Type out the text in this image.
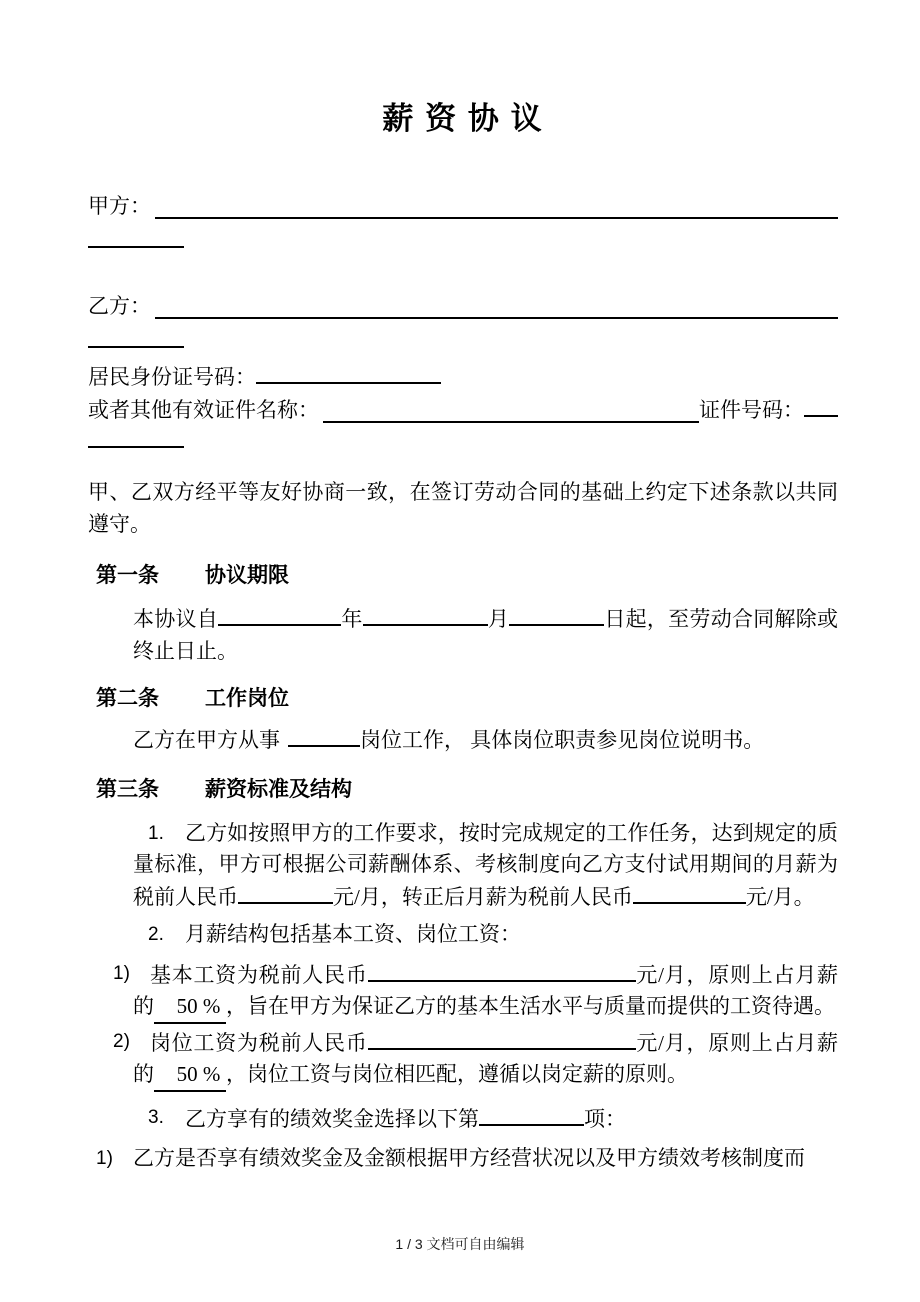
薪 资 协 议
甲方：
乙方：
居民身份证号码：
或者其他有效证件名称：	证件号码：
甲、乙双方经平等友好协商一致，在签订劳动合同的基础上约定下述条款以共同遵守。
第一条 协议期限
本协议自	年	月	日起，至劳动合同解除或终止日止。
第二条 工作岗位
乙方在甲方从事	岗位工作， 具体岗位职责参见岗位说明书。
第三条 薪资标准及结构
1. 乙方如按照甲方的工作要求，按时完成规定的工作任务，达到规定的质量标准，甲方可根据公司薪酬体系、考核制度向乙方支付试用期间的月薪为税前人民币	元/月，转正后月薪为税前人民币	元/月。
2. 月薪结构包括基本工资、岗位工资：
1) 基本工资为税前人民币	元/月，原则上占月薪的 50 % ，旨在甲方为保证乙方的基本生活水平与质量而提供的工资待遇。
2) 岗位工资为税前人民币	元/月，原则上占月薪的 50 % ，岗位工资与岗位相匹配，遵循以岗定薪的原则。
3. 乙方享有的绩效奖金选择以下第	项：
1) 乙方是否享有绩效奖金及金额根据甲方经营状况以及甲方绩效考核制度而
1 / 3 文档可自由编辑
